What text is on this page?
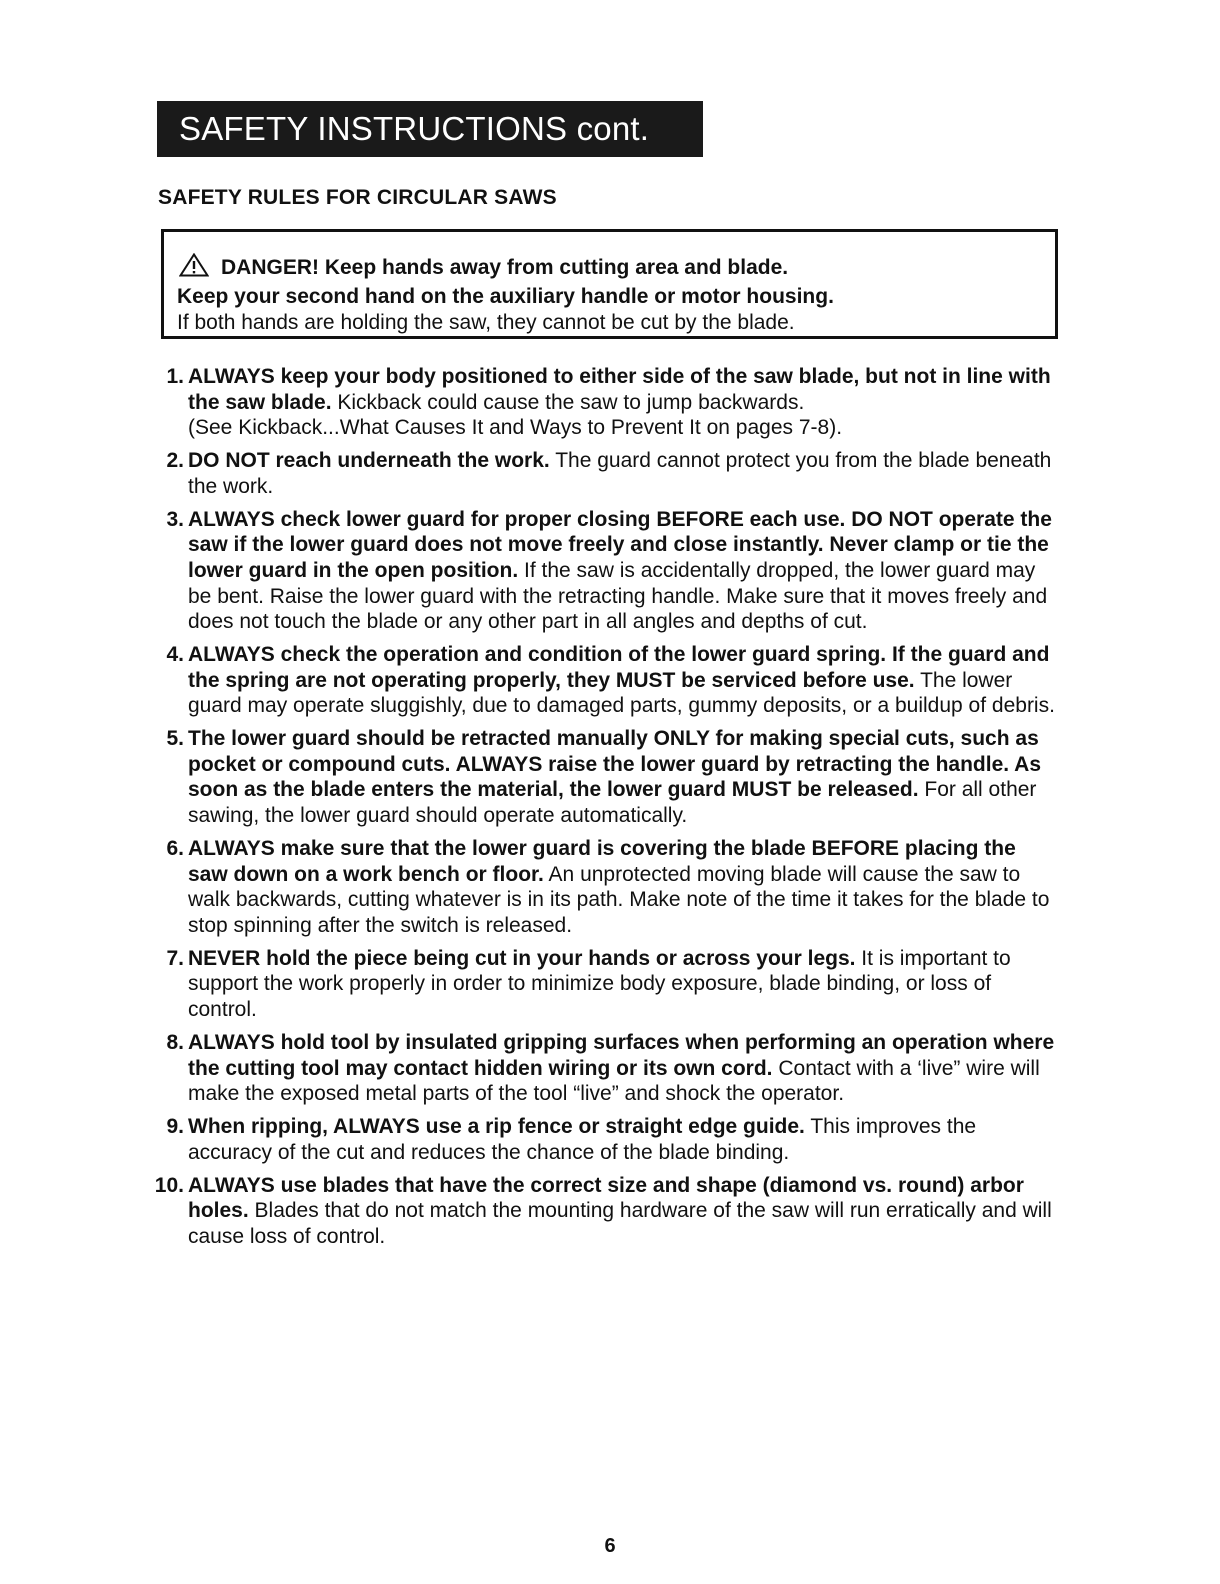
SAFETY INSTRUCTIONS cont.
SAFETY RULES FOR CIRCULAR SAWS
DANGER! Keep hands away from cutting area and blade.
Keep your second hand on the auxiliary handle or motor housing.
If both hands are holding the saw, they cannot be cut by the blade.
1. ALWAYS keep your body positioned to either side of the saw blade, but not in line with the saw blade. Kickback could cause the saw to jump backwards.
(See Kickback...What Causes It and Ways to Prevent It on pages 7-8).
2. DO NOT reach underneath the work. The guard cannot protect you from the blade beneath the work.
3. ALWAYS check lower guard for proper closing BEFORE each use. DO NOT operate the saw if the lower guard does not move freely and close instantly. Never clamp or tie the lower guard in the open position. If the saw is accidentally dropped, the lower guard may be bent. Raise the lower guard with the retracting handle. Make sure that it moves freely and does not touch the blade or any other part in all angles and depths of cut.
4. ALWAYS check the operation and condition of the lower guard spring. If the guard and the spring are not operating properly, they MUST be serviced before use. The lower guard may operate sluggishly, due to damaged parts, gummy deposits, or a buildup of debris.
5. The lower guard should be retracted manually ONLY for making special cuts, such as pocket or compound cuts. ALWAYS raise the lower guard by retracting the handle. As soon as the blade enters the material, the lower guard MUST be released. For all other sawing, the lower guard should operate automatically.
6. ALWAYS make sure that the lower guard is covering the blade BEFORE placing the saw down on a work bench or floor. An unprotected moving blade will cause the saw to walk backwards, cutting whatever is in its path. Make note of the time it takes for the blade to stop spinning after the switch is released.
7. NEVER hold the piece being cut in your hands or across your legs. It is important to support the work properly in order to minimize body exposure, blade binding, or loss of control.
8. ALWAYS hold tool by insulated gripping surfaces when performing an operation where the cutting tool may contact hidden wiring or its own cord. Contact with a ‘live” wire will make the exposed metal parts of the tool “live” and shock the operator.
9. When ripping, ALWAYS use a rip fence or straight edge guide. This improves the accuracy of the cut and reduces the chance of the blade binding.
10. ALWAYS use blades that have the correct size and shape (diamond vs. round) arbor holes. Blades that do not match the mounting hardware of the saw will run erratically and will cause loss of control.
6
